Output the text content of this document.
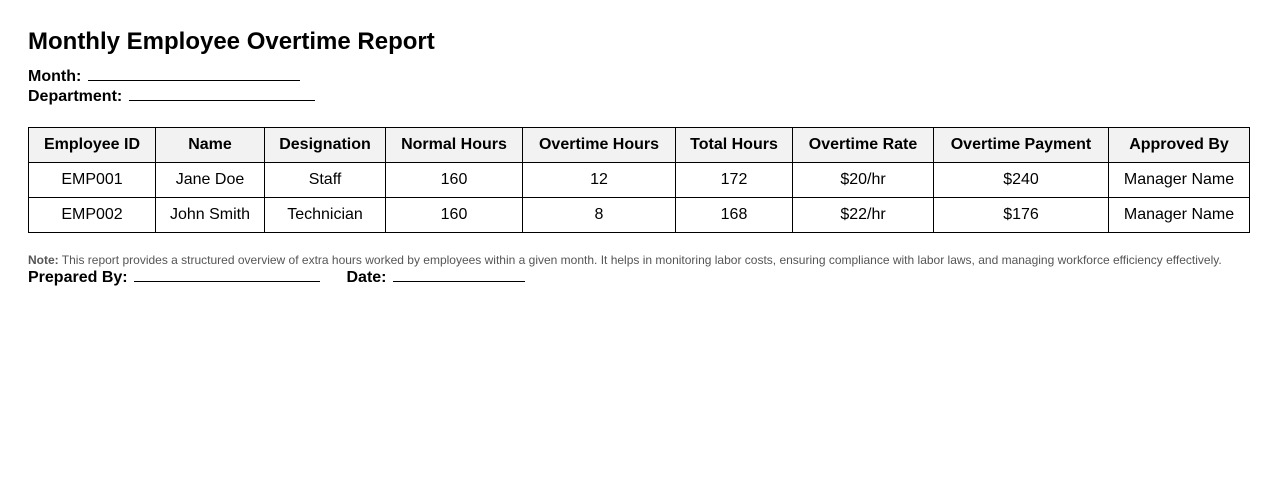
Monthly Employee Overtime Report
Month:
Department:
Employee ID	Name	Designation	Normal Hours	Overtime Hours	Total Hours	Overtime Rate	Overtime Payment	Approved By
EMP001	Jane Doe	Staff	160	12	172	$20/hr	$240	Manager Name
EMP002	John Smith	Technician	160	8	168	$22/hr	$176	Manager Name
Note: This report provides a structured overview of extra hours worked by employees within a given month. It helps in monitoring labor costs, ensuring compliance with labor laws, and managing workforce efficiency effectively.
Prepared By:	Date:
